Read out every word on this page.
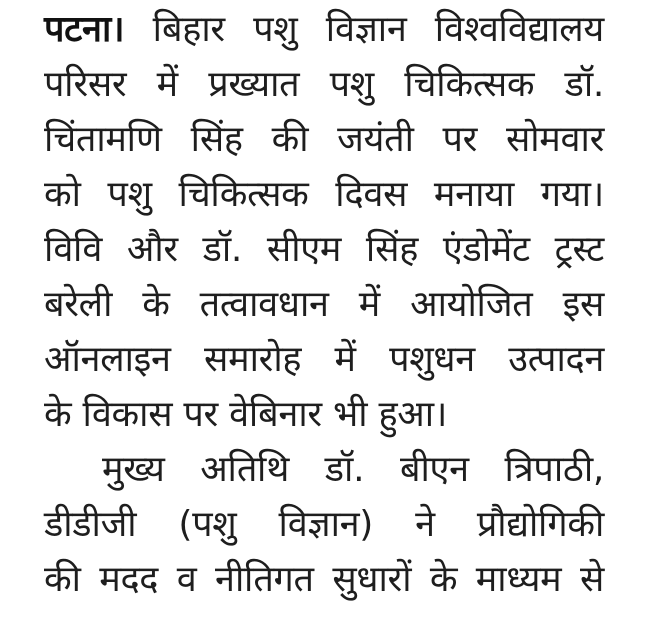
पटना। बिहार पशु विज्ञान विश्वविद्यालय
परिसर में प्रख्यात पशु चिकित्सक डॉ.
चिंतामणि सिंह की जयंती पर सोमवार
को पशु चिकित्सक दिवस मनाया गया।
विवि और डॉ. सीएम सिंह एंडोमेंट ट्रस्ट
बरेली के तत्वावधान में आयोजित इस
ऑनलाइन समारोह में पशुधन उत्पादन
के विकास पर वेबिनार भी हुआ।
मुख्य अतिथि डॉ. बीएन त्रिपाठी,
डीडीजी (पशु विज्ञान) ने प्रौद्योगिकी
की मदद व नीतिगत सुधारों के माध्यम से
